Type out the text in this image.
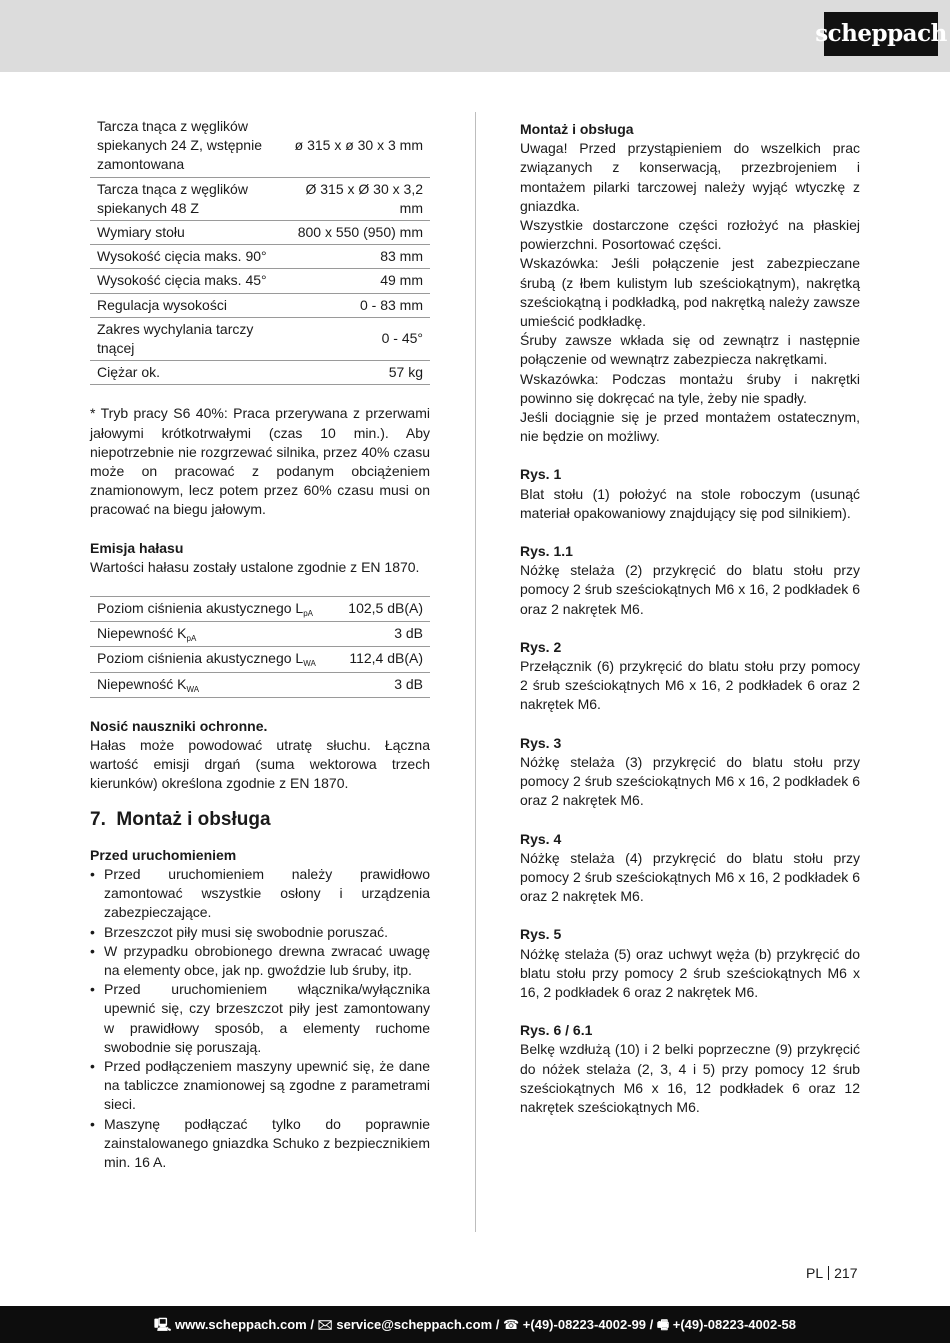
scheppach
Tarcza tnąca z węglików spiekanych 24 Z, wstępnie zamontowana	ø 315 x ø 30 x 3 mm
Tarcza tnąca z węglików spiekanych 48 Z	Ø 315 x Ø 30 x 3,2 mm
Wymiary stołu	800 x 550 (950) mm
Wysokość cięcia maks. 90°	83 mm
Wysokość cięcia maks. 45°	49 mm
Regulacja wysokości	0 - 83 mm
Zakres wychylania tarczy tnącej	0 - 45°
Ciężar ok.	57 kg

* Tryb pracy S6 40%: Praca przerywana z przerwami jałowymi krótkotrwałymi (czas 10 min.). Aby niepotrzebnie nie rozgrzewać silnika, przez 40% czasu może on pracować z podanym obciążeniem znamionowym, lecz potem przez 60% czasu musi on pracować na biegu jałowym.

Emisja hałasu

Wartości hałasu zostały ustalone zgodnie z EN 1870.

Poziom ciśnienia akustycznego $L_{pA}$	102,5 dB(A)
Niepewność $K_{pA}$	3 dB
Poziom ciśnienia akustycznego $L_{WA}$	112,4 dB(A)
Niepewność $K_{WA}$	3 dB

Nosić nauszniki ochronne.

Hałas może powodować utratę słuchu. Łączna wartość emisji drgań (suma wektorowa trzech kierunków) określona zgodnie z EN 1870.

7.  Montaż i obsługa

Przed uruchomieniem

• Przed uruchomieniem należy prawidłowo zamontować wszystkie osłony i urządzenia zabezpieczające.
• Brzeszczot piły musi się swobodnie poruszać.
• W przypadku obrobionego drewna zwracać uwagę na elementy obce, jak np. gwoździe lub śruby, itp.
• Przed uruchomieniem włącznika/wyłącznika upewnić się, czy brzeszczot piły jest zamontowany w prawidłowy sposób, a elementy ruchome swobodnie się poruszają.
• Przed podłączeniem maszyny upewnić się, że dane na tabliczce znamionowej są zgodne z parametrami sieci.
• Maszynę podłączać tylko do poprawnie zainstalowanego gniazdka Schuko z bezpiecznikiem min. 16 A.

Montaż i obsługa

Uwaga! Przed przystąpieniem do wszelkich prac związanych z konserwacją, przezbrojeniem i montażem pilarki tarczowej należy wyjąć wtyczkę z gniazdka.

Wszystkie dostarczone części rozłożyć na płaskiej powierzchni. Posortować części.

Wskazówka: Jeśli połączenie jest zabezpieczane śrubą (z łbem kulistym lub sześciokątnym), nakrętką sześciokątną i podkładką, pod nakrętką należy zawsze umieścić podkładkę.

Śruby zawsze wkłada się od zewnątrz i następnie połączenie od wewnątrz zabezpiecza nakrętkami.

Wskazówka: Podczas montażu śruby i nakrętki powinno się dokręcać na tyle, żeby nie spadły.

Jeśli dociągnie się je przed montażem ostatecznym, nie będzie on możliwy.

Rys. 1

Blat stołu (1) położyć na stole roboczym (usunąć materiał opakowaniowy znajdujący się pod silnikiem).

Rys. 1.1

Nóżkę stelaża (2) przykręcić do blatu stołu przy pomocy 2 śrub sześciokątnych M6 x 16, 2 podkładek 6 oraz 2 nakrętek M6.

Rys. 2

Przełącznik (6) przykręcić do blatu stołu przy pomocy 2 śrub sześciokątnych M6 x 16, 2 podkładek 6 oraz 2 nakrętek M6.

Rys. 3

Nóżkę stelaża (3) przykręcić do blatu stołu przy pomocy 2 śrub sześciokątnych M6 x 16, 2 podkładek 6 oraz 2 nakrętek M6.

Rys. 4

Nóżkę stelaża (4) przykręcić do blatu stołu przy pomocy 2 śrub sześciokątnych M6 x 16, 2 podkładek 6 oraz 2 nakrętek M6.

Rys. 5

Nóżkę stelaża (5) oraz uchwyt węża (b) przykręcić do blatu stołu przy pomocy 2 śrub sześciokątnych M6 x 16, 2 podkładek 6 oraz 2 nakrętek M6.

Rys. 6 / 6.1

Belkę wzdłużą (10) i 2 belki poprzeczne (9) przykręcić do nóżek stelaża (2, 3, 4 i 5) przy pomocy 12 śrub sześciokątnych M6 x 16, 12 podkładek 6 oraz 12 nakrętek sześciokątnych M6.

PL 217
🖳 www.scheppach.com / 🖂 service@scheppach.com / ☎ +(49)-08223-4002-99 / 🖷 +(49)-08223-4002-58
